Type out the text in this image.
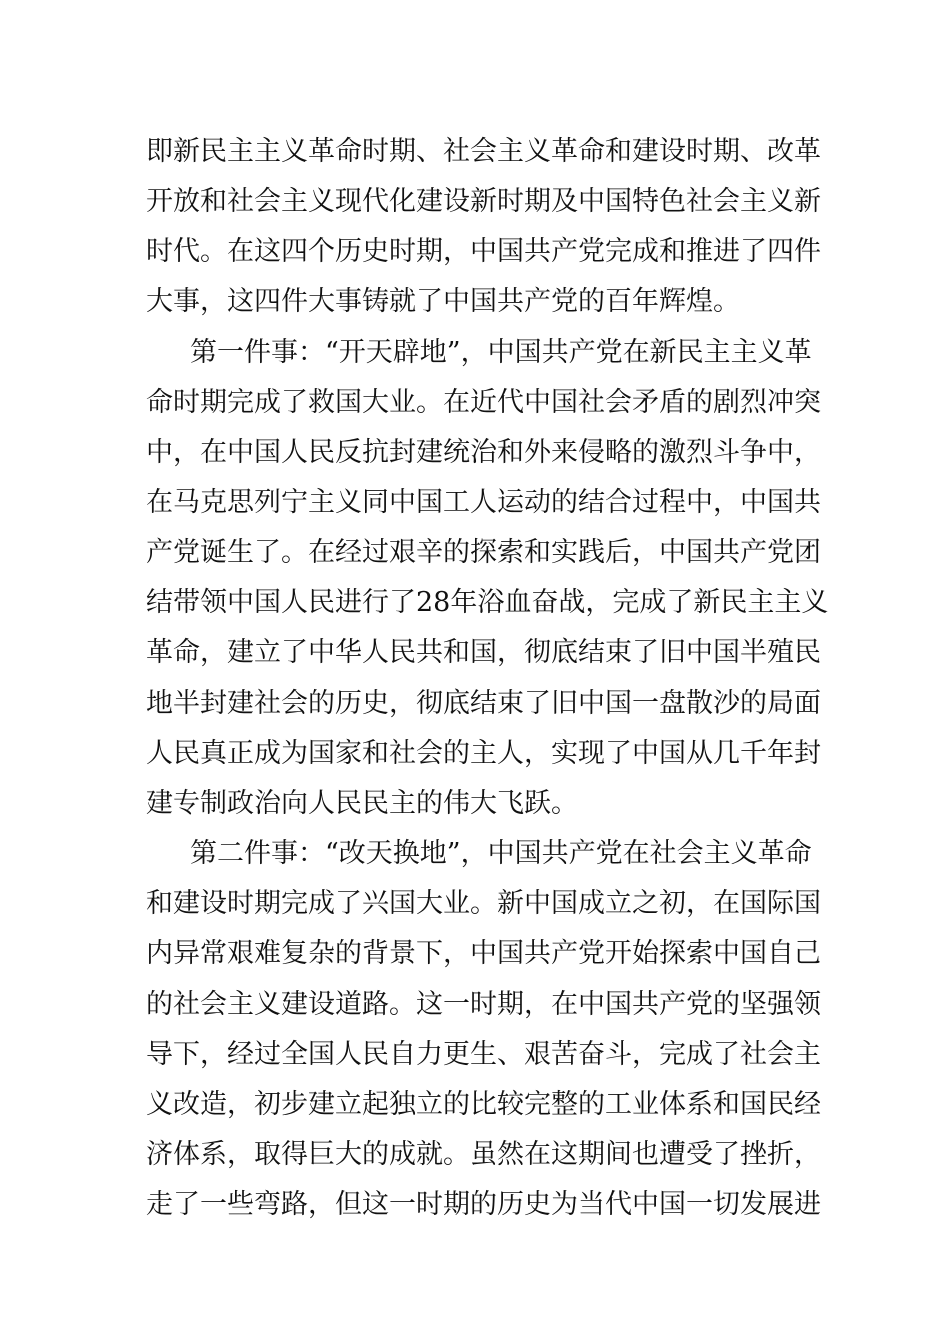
即新民主主义革命时期、社会主义革命和建设时期、改革
开放和社会主义现代化建设新时期及中国特色社会主义新
时代。在这四个历史时期，中国共产党完成和推进了四件
大事，这四件大事铸就了中国共产党的百年辉煌。
第一件事：“开天辟地”，中国共产党在新民主主义革
命时期完成了救国大业。在近代中国社会矛盾的剧烈冲突
中，在中国人民反抗封建统治和外来侵略的激烈斗争中，
在马克思列宁主义同中国工人运动的结合过程中，中国共
产党诞生了。在经过艰辛的探索和实践后，中国共产党团
结带领中国人民进行了28年浴血奋战，完成了新民主主义
革命，建立了中华人民共和国，彻底结束了旧中国半殖民
地半封建社会的历史，彻底结束了旧中国一盘散沙的局面
人民真正成为国家和社会的主人，实现了中国从几千年封
建专制政治向人民民主的伟大飞跃。
第二件事：“改天换地”，中国共产党在社会主义革命
和建设时期完成了兴国大业。新中国成立之初，在国际国
内异常艰难复杂的背景下，中国共产党开始探索中国自己
的社会主义建设道路。这一时期，在中国共产党的坚强领
导下，经过全国人民自力更生、艰苦奋斗，完成了社会主
义改造，初步建立起独立的比较完整的工业体系和国民经
济体系，取得巨大的成就。虽然在这期间也遭受了挫折，
走了一些弯路，但这一时期的历史为当代中国一切发展进
